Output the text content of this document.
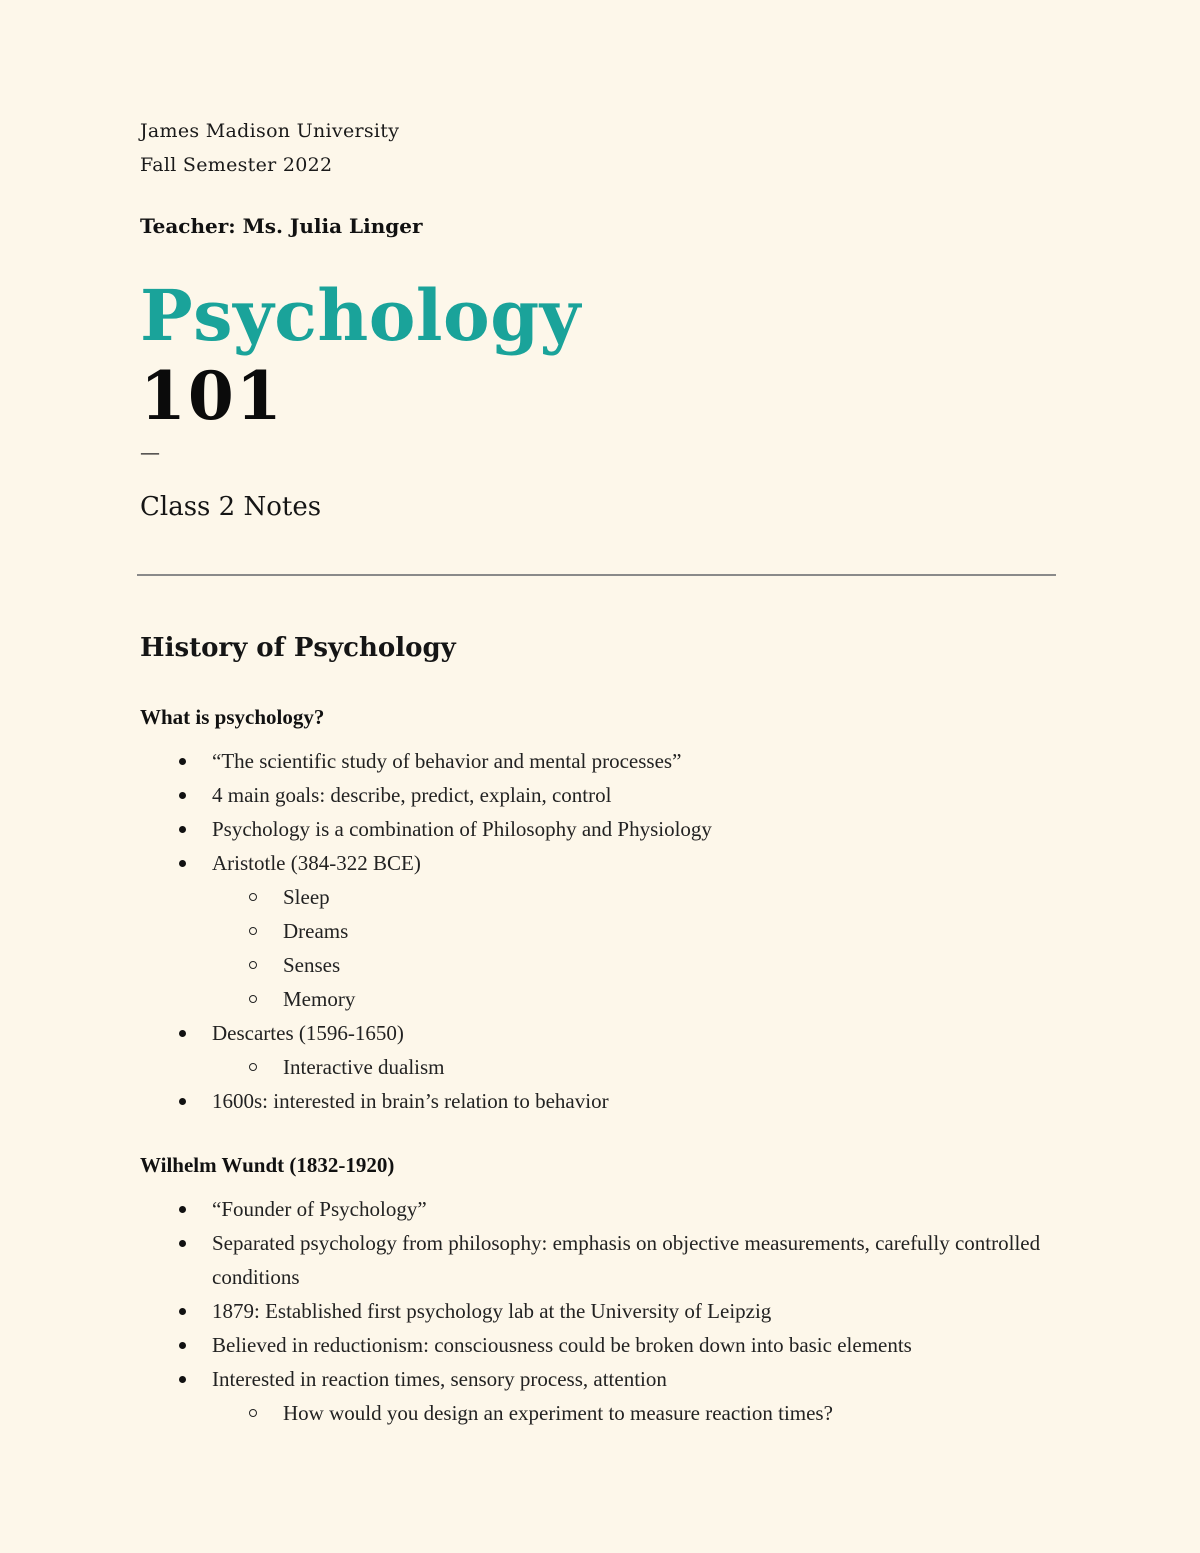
James Madison University
Fall Semester 2022
Teacher: Ms. Julia Linger
Psychology
101
—
Class 2 Notes
History of Psychology

What is psychology?

“The scientific study of behavior and mental processes”
4 main goals: describe, predict, explain, control
Psychology is a combination of Philosophy and Physiology
Aristotle (384-322 BCE)
Sleep
Dreams
Senses
Memory
Descartes (1596-1650)
Interactive dualism
1600s: interested in brain’s relation to behavior

Wilhelm Wundt (1832-1920)

“Founder of Psychology”
Separated psychology from philosophy: emphasis on objective measurements, carefully controlled conditions
1879: Established first psychology lab at the University of Leipzig
Believed in reductionism: consciousness could be broken down into basic elements
Interested in reaction times, sensory process, attention
How would you design an experiment to measure reaction times?
